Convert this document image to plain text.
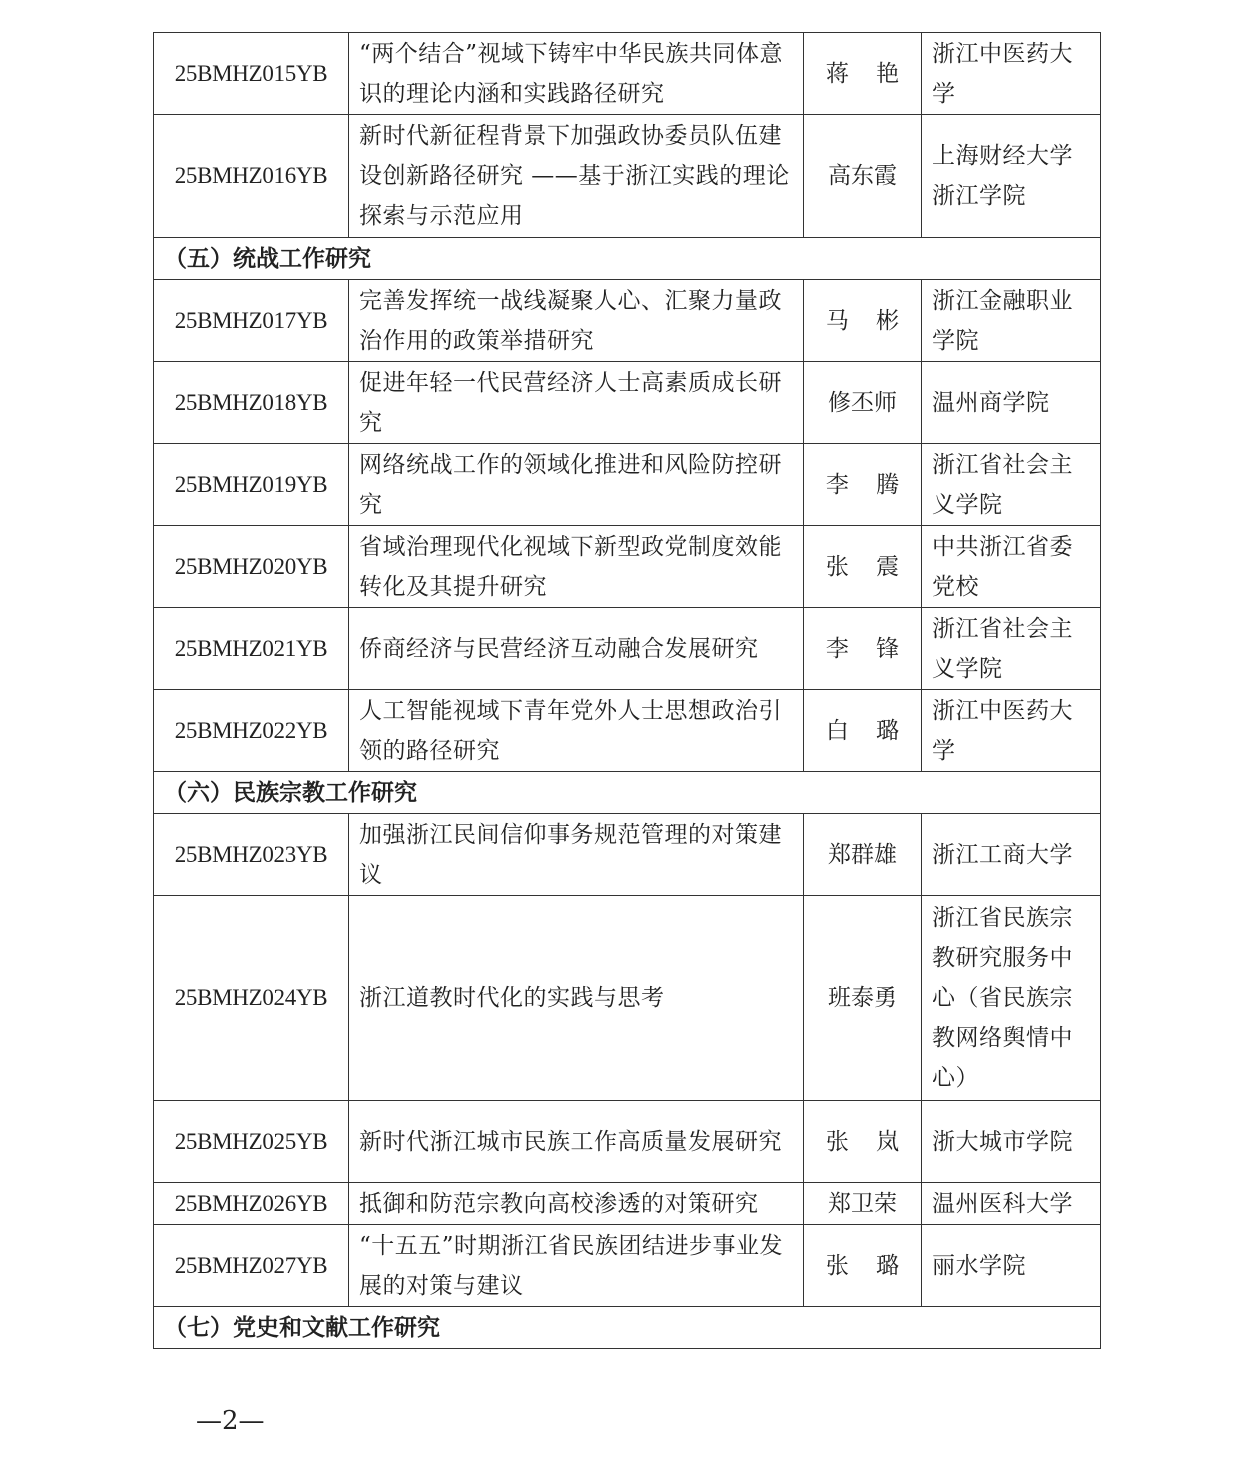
25BMHZ015YB	“两个结合”视域下铸牢中华民族共同体意识的理论内涵和实践路径研究	蒋 艳	浙江中医药大学
25BMHZ016YB	新时代新征程背景下加强政协委员队伍建设创新路径研究 ——基于浙江实践的理论探索与示范应用	高东霞	上海财经大学浙江学院
（五）统战工作研究			
25BMHZ017YB	完善发挥统一战线凝聚人心、汇聚力量政治作用的政策举措研究	马 彬	浙江金融职业学院
25BMHZ018YB	促进年轻一代民营经济人士高素质成长研究	修丕师	温州商学院
25BMHZ019YB	网络统战工作的领域化推进和风险防控研究	李 腾	浙江省社会主义学院
25BMHZ020YB	省域治理现代化视域下新型政党制度效能转化及其提升研究	张 震	中共浙江省委党校
25BMHZ021YB	侨商经济与民营经济互动融合发展研究	李 锋	浙江省社会主义学院
25BMHZ022YB	人工智能视域下青年党外人士思想政治引领的路径研究	白 璐	浙江中医药大学
（六）民族宗教工作研究			
25BMHZ023YB	加强浙江民间信仰事务规范管理的对策建议	郑群雄	浙江工商大学
25BMHZ024YB	浙江道教时代化的实践与思考	班泰勇	浙江省民族宗教研究服务中心（省民族宗教网络舆情中心）
25BMHZ025YB	新时代浙江城市民族工作高质量发展研究	张 岚	浙大城市学院
25BMHZ026YB	抵御和防范宗教向高校渗透的对策研究	郑卫荣	温州医科大学
25BMHZ027YB	“十五五”时期浙江省民族团结进步事业发展的对策与建议	张 璐	丽水学院
（七）党史和文献工作研究			
—2—
